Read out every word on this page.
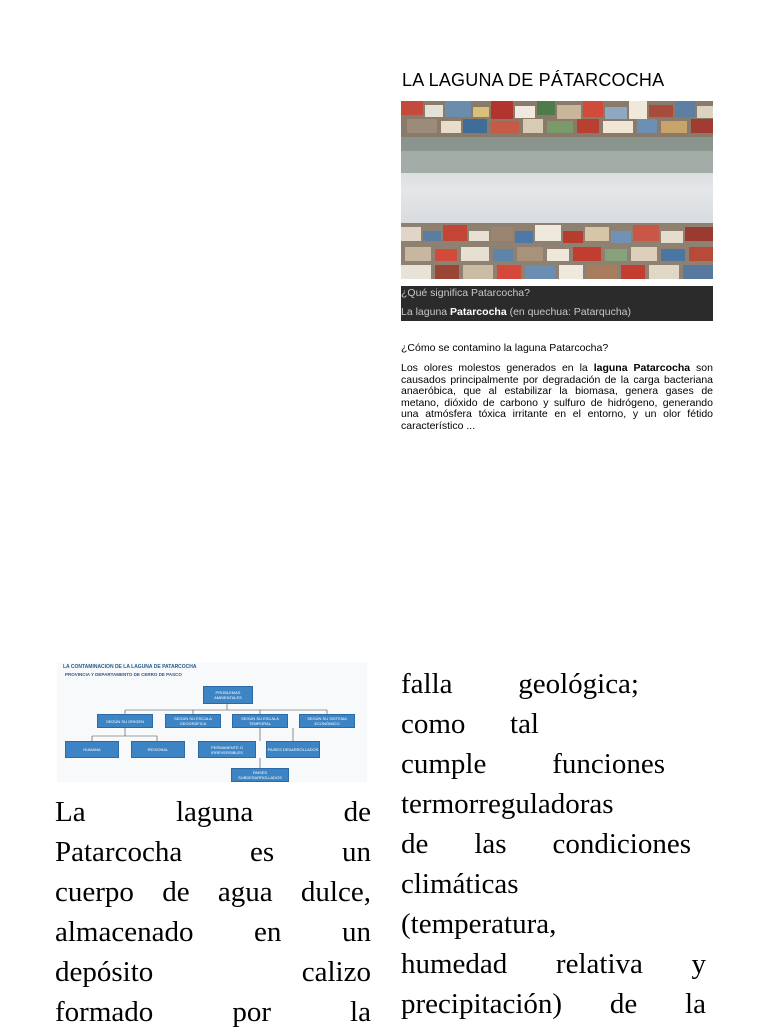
LA LAGUNA DE PÁTARCOCHA
¿Qué significa Patarcocha?
La laguna Patarcocha (en quechua: Patarqucha)
¿Cómo se contamino la laguna Patarcocha?

Los olores molestos generados en la laguna Patarcocha son causados principalmente por degradación de la carga bacteriana anaeróbica, que al estabilizar la biomasa, genera gases de metano, dióxido de carbono y sulfuro de hidrógeno, generando una atmósfera tóxica irritante en el entorno, y un olor fétido característico ...

LA CONTAMINACION DE LA LAGUNA DE PATARCOCHA
PROVINCIA Y DEPARTAMENTO DE CERRO DE PASCO
PROBLEMAS AMBIENTALES
SEGÚN SU ORIGEN	SEGÚN SU ESCALA GEOGRÁFICA
SEGÚN SU ESCALA TEMPORAL
SEGÚN SU SISTEMA ECONÓMICO
HUMANA	REGIONAL	PERMANENTE O IRREVERSIBLES	PAISES DESARROLLADOS
PAISES SUBDESARROLLADOS

La laguna de
Patarcocha es un
cuerpo de agua dulce,
almacenado en un
depósito calizo
formado por la

falla geológica;
como tal
cumple funciones
termorreguladoras
de las condiciones
climáticas
(temperatura,
humedad relativa y
precipitación) de la
